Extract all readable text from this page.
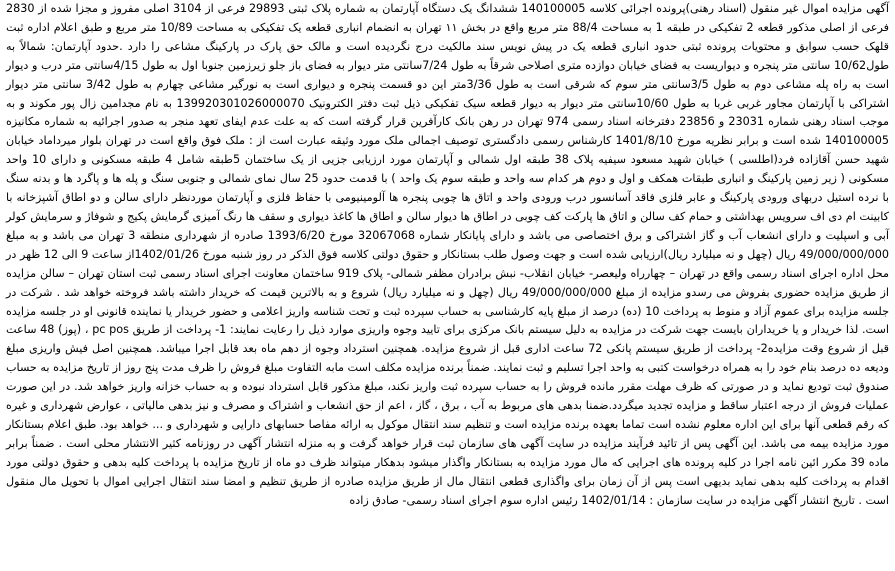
آگهی مزایده اموال غیر منقول (اسناد رهنی)پرونده اجرائی کلاسه 140100005 ششدانگ یک دستگاه آپارتمان به شماره پلاک ثبتی 29893 فرعی از 3104 اصلی مفروز و مجزا شده از 2830 فرعی از اصلی مذکور قطعه 2 تفکیکی در طبقه 1 به مساحت 88/4 متر مربع واقع در بخش ۱۱ تهران به انضمام انباری قطعه یک تفکیکی به مساحت 10/89 متر مربع و طبق اعلام اداره ثبت قلهک حسب سوابق و محتویات پرونده ثبتی حدود انباری قطعه یک در پیش نویس سند مالکیت درج نگردیده است و مالک حق پارک در پارکینگ مشاعی را دارد .حدود آپارتمان: شمالاً به طول10/62 سانتی متر پنجره و دیواریست به فضای خیابان دوازده متری اصلاحی شرقاً به طول 7/24سانتی متر دیوار به فضای باز جلو زیرزمین جنوبا اول به طول 4/15سانتی متر درب و دیوار است به راه پله مشاعی دوم به طول 3/5سانتی متر سوم که شرقی است به طول 3/36متر این دو قسمت پنجره و دیواری است به نورگیر مشاعی چهارم به طول 3/42 سانتی متر دیوار اشتراکی با آپارتمان مجاور غربی غربا به طول 10/60سانتی متر دیوار به دیوار قطعه سیک تفکیکی ذیل ثبت دفتر الکترونیک 139920301026000070 به نام مجدامین زال پور مکوند و به موجب اسناد رهنی شماره 23031 و 23856 دفترخانه اسناد رسمی 974 تهران در رهن بانک کارآفرین قرار گرفته است که به علت عدم ایفای تعهد منجر به صدور اجرائیه به شماره مکانیزه 140100005 شده است و برابر نظریه مورخ 1401/8/10 کارشناس رسمی دادگستری توصیف اجمالی ملک مورد وثیقه عبارت است از : ملک فوق واقع است در تهران بلوار میرداماد خیابان شهید حسن آقازاده فرد(اطلسی ) خیابان شهید مسعود سیفیه پلاک 38 طبقه اول شمالی و آپارتمان مورد ارزیابی جزیی از یک ساختمان 5طبقه شامل 4 طبقه مسکونی و دارای 10 واحد مسکونی ( زیر زمین پارکینگ و انباری طبقات همکف و اول و دوم هر کدام سه واحد و طبقه سوم یک واحد ) با قدمت حدود 25 سال نمای شمالی و جنوبی سنگ و پله ها و پاگرد ها و بدنه سنگ با نرده استیل دربهای ورودی پارکینگ و عابر فلزی فاقد آسانسور درب ورودی واحد و اتاق ها چوبی پنجره ها آلومینیومی با حفاظ فلزی و آپارتمان موردنظر دارای سالن و دو اطاق آشپزخانه با کابینت ام دی اف سرویس بهداشتی و حمام کف سالن و اتاق ها پارکت کف چوبی در اطاق ها دیوار سالن و اطاق ها کاغذ دیواری و سقف ها رنگ آمیزی گرمایش پکیج و شوفاژ و سرمایش کولر آبی و اسپلیت و دارای انشعاب آب و گاز اشتراکی و برق اختصاصی می باشد و دارای پایانکار شماره 32067068 مورخ 1393/6/20 صادره از شهرداری منطقه 3 تهران می باشد و به مبلغ 49/000/000/000 ریال (چهل و نه میلیارد ریال)ارزیابی شده است و جهت وصول طلب بستانکار و حقوق دولتی کلاسه فوق الذکر در روز شنبه مورخ 1402/01/26از ساعت 9 الی 12 ظهر در محل اداره اجرای اسناد رسمی واقع در تهران – چهارراه ولیعصر- خیابان انقلاب- نبش برادران مظفر شمالی- پلاک 919 ساختمان معاونت اجرای اسناد رسمی ثبت استان تهران – سالن مزایده از طریق مزایده حضوری بفروش می رسدو مزایده از مبلغ 49/000/000/000 ریال (چهل و نه میلیارد ریال) شروع و به بالاترین قیمت که خریدار داشته باشد فروخته خواهد شد . شرکت در جلسه مزایده برای عموم آزاد و منوط به پرداخت 10 (ده) درصد از مبلغ پایه کارشناسی به حساب سپرده ثبت و تحت شناسه واریز اعلامی و حضور خریدار یا نماینده قانونی او در جلسه مزایده است. لذا خریدار و یا خریداران بایست جهت شرکت در مزایده به دلیل سیستم بانک مرکزی برای تایید وجوه واریزی موارد ذیل را رعایت نمایند: 1- پرداخت از طریق pc pos ، (پوز) 48 ساعت قبل از شروع وقت مزایده2- پرداخت از طریق سیستم پانکی 72 ساعت اداری قبل از شروع مزایده. همچنین استرداد وجوه از دهم ماه بعد قابل اجرا میباشد. همچنین اصل فیش واریزی مبلغ ودیعه ده درصد بنام خود را به همراه درخواست کتبی به واحد اجرا تسلیم و ثبت نمایند. ضمناً برنده مزایده مکلف است مابه التفاوت مبلغ فروش را ظرف مدت پنج روز از تاریخ مزایده به حساب صندوق ثبت تودیع نماید و در صورتی که ظرف مهلت مقرر مانده فروش را به حساب سپرده ثبت واریز نکند، مبلغ مذکور قابل استرداد نبوده و به حساب خزانه واریز خواهد شد. در این صورت عملیات فروش از درجه اعتبار ساقط و مزایده تجدید میگردد.ضمنا بدهی های مربوط به آب ، برق ، گاز ، اعم از حق انشعاب و اشتراک و مصرف و نیز بدهی مالیاتی ، عوارض شهرداری و غیره که رقم قطعی آنها برای این اداره معلوم نشده است تماما بعهده برنده مزایده است و تنظیم سند انتقال موکول به ارائه مفاصا حسابهای دارایی و شهرداری و ... خواهد بود. طبق اعلام بستانکار مورد مزایده بیمه می باشد. این آگهی پس از تائید فرآیند مزایده در سایت آگهی های سازمان ثبت قرار خواهد گرفت و به منزله انتشار آگهی در روزنامه کثیر الانتشار محلی است . ضمناً برابر ماده 39 مکرر ائین نامه اجرا در کلیه پرونده های اجرایی که مال مورد مزایده به بستانکار واگذار میشود بدهکار میتواند ظرف دو ماه از تاریخ مزایده با پرداخت کلیه بدهی و حقوق دولتی مورد اقدام به پرداخت کلیه بدهی نماید بدیهی است پس از آن زمان برای واگذاری قطعی انتقال مال از طریق مزایده صادره از طریق تنظیم و امضا سند انتقال اجرایی اموال با تحویل مال منقول است . تاریخ انتشار آگهی مزایده در سایت سازمان : 1402/01/14 رئیس اداره سوم اجرای اسناد رسمی- صادق زاده
